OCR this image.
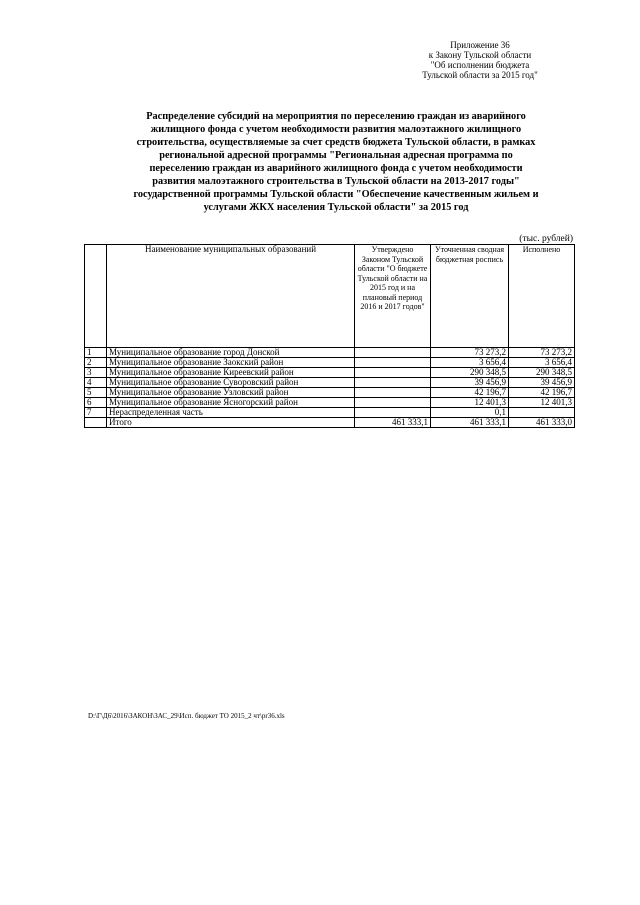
Приложение 36
к Закону Тульской области
"Об исполнении бюджета
Тульской области за 2015 год"
Распределение субсидий на мероприятия по переселению граждан из аварийного
жилищного фонда с учетом необходимости развития малоэтажного жилищного
строительства, осуществляемые за счет средств бюджета Тульской области, в рамках
региональной адресной программы "Региональная адресная программа по
переселению граждан из аварийного жилищного фонда с учетом необходимости
развития малоэтажного строительства в Тульской области на 2013-2017 годы"
государственной программы Тульской области "Обеспечение качественным жильем и
услугами ЖКХ населения Тульской области" за 2015 год
(тыс. рублей)
	Наименование муниципальных образований	Утверждено Законом Тульской области "О бюджете Тульской области на 2015 год и на плановый период 2016 и 2017 годов"	Уточненная сводная бюджетная роспись	Исполнено
1	Муниципальное образование город Донской		73 273,2	73 273,2
2	Муниципальное образование Заокский район		3 656,4	3 656,4
3	Муниципальное образование Киреевский район		290 348,5	290 348,5
4	Муниципальное образование Суворовский район		39 456,9	39 456,9
5	Муниципальное образование Узловский район		42 196,7	42 196,7
6	Муниципальное образование Ясногорский район		12 401,3	12 401,3
7	Нераспределенная часть		0,1	
	Итого	461 333,1	461 333,1	461 333,0
D:\Г\Д6\2016\ЗАКОН\ЗАС_29\Исп. бюджет ТО 2015_2 чт\pr36.xls
